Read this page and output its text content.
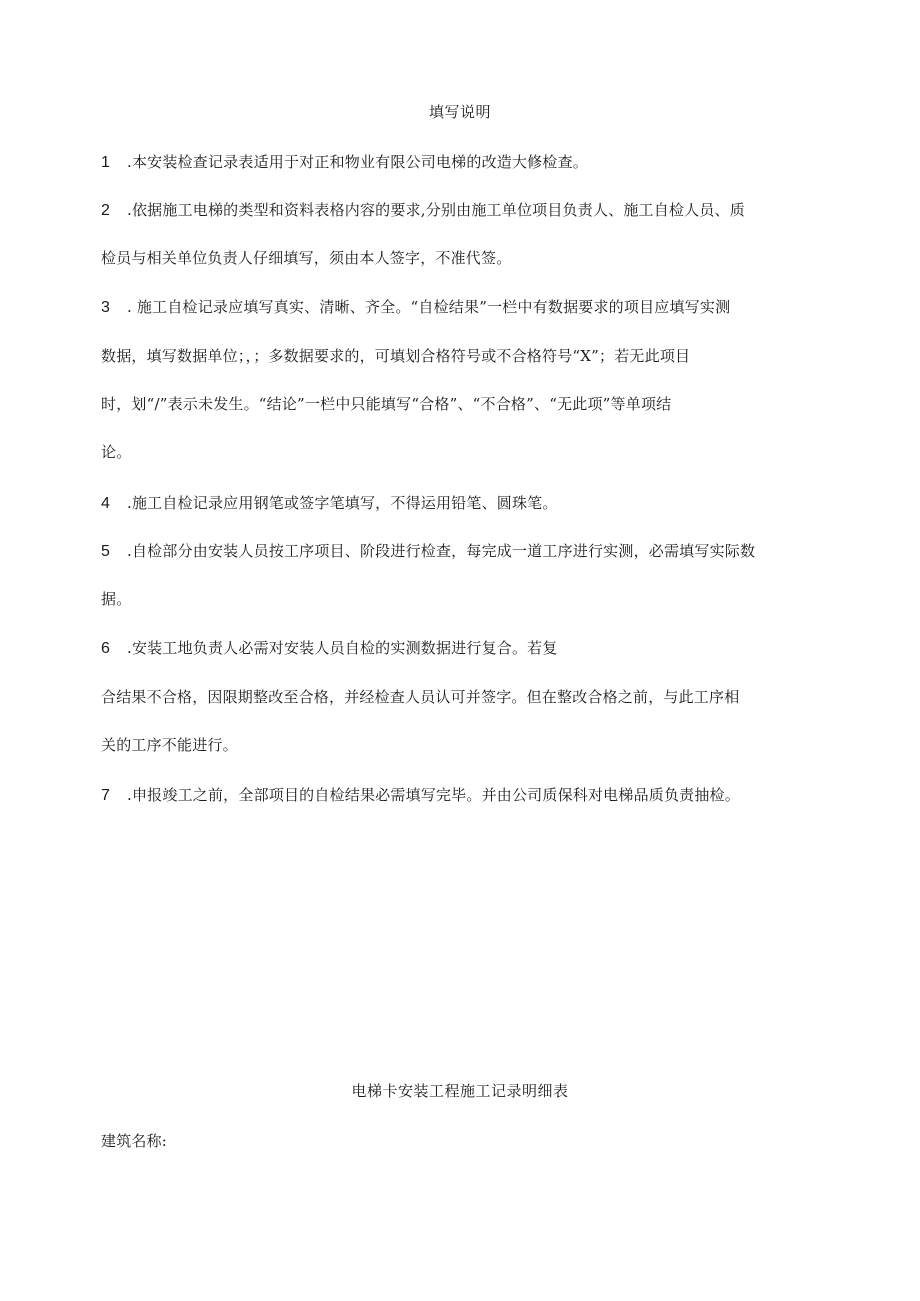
填写说明
1 .本安装检查记录表适用于对正和物业有限公司电梯的改造大修检查。
2 .依据施工电梯的类型和资料表格内容的要求,分别由施工单位项目负责人、施工自检人员、质
检员与相关单位负责人仔细填写，须由本人签字，不准代签。
3 . 施工自检记录应填写真实、清晰、齐全。“自检结果”一栏中有数据要求的项目应填写实测
数据，填写数据单位；，；多数据要求的，可填划合格符号或不合格符号“X”；若无此项目
时，划“/”表示未发生。“结论”一栏中只能填写“合格”、“不合格”、“无此项”等单项结
论。
4 .施工自检记录应用钢笔或签字笔填写，不得运用铅笔、圆珠笔。
5 .自检部分由安装人员按工序项目、阶段进行检查，每完成一道工序进行实测，必需填写实际数
据。
6 .安装工地负责人必需对安装人员自检的实测数据进行复合。若复
合结果不合格，因限期整改至合格，并经检查人员认可并签字。但在整改合格之前，与此工序相
关的工序不能进行。
7 .申报竣工之前，全部项目的自检结果必需填写完毕。并由公司质保科对电梯品质负责抽检。
电梯卡安装工程施工记录明细表
建筑名称:
